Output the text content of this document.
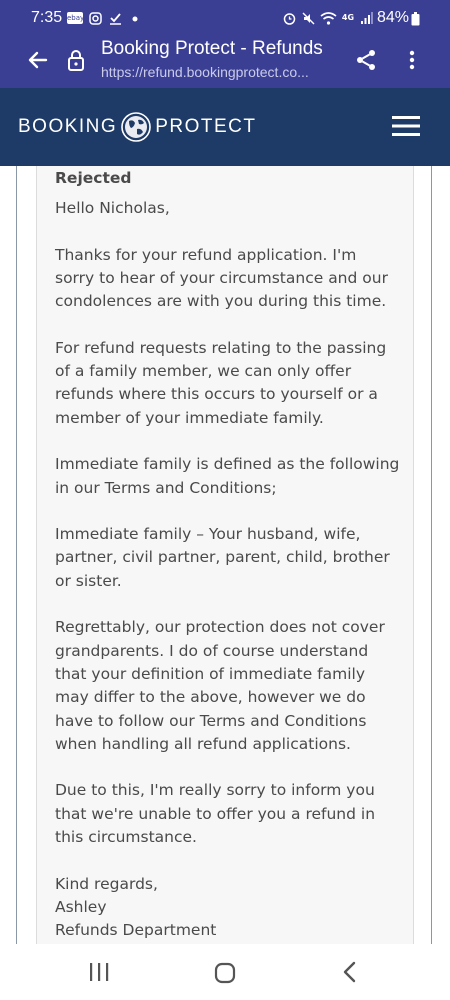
7:35 ebay	4G 84%
Booking Protect - Refunds
https://refund.bookingprotect.co...
BOOKING PROTECT
Rejected

Hello Nicholas,

Thanks for your refund application. I'm sorry to hear of your circumstance and our condolences are with you during this time.

For refund requests relating to the passing of a family member, we can only offer refunds where this occurs to yourself or a member of your immediate family.

Immediate family is defined as the following in our Terms and Conditions;

Immediate family – Your husband, wife, partner, civil partner, parent, child, brother or sister.

Regrettably, our protection does not cover grandparents. I do of course understand that your definition of immediate family may differ to the above, however we do have to follow our Terms and Conditions when handling all refund applications.

Due to this, I'm really sorry to inform you that we're unable to offer you a refund in this circumstance.

Kind regards,

Ashley

Refunds Department
